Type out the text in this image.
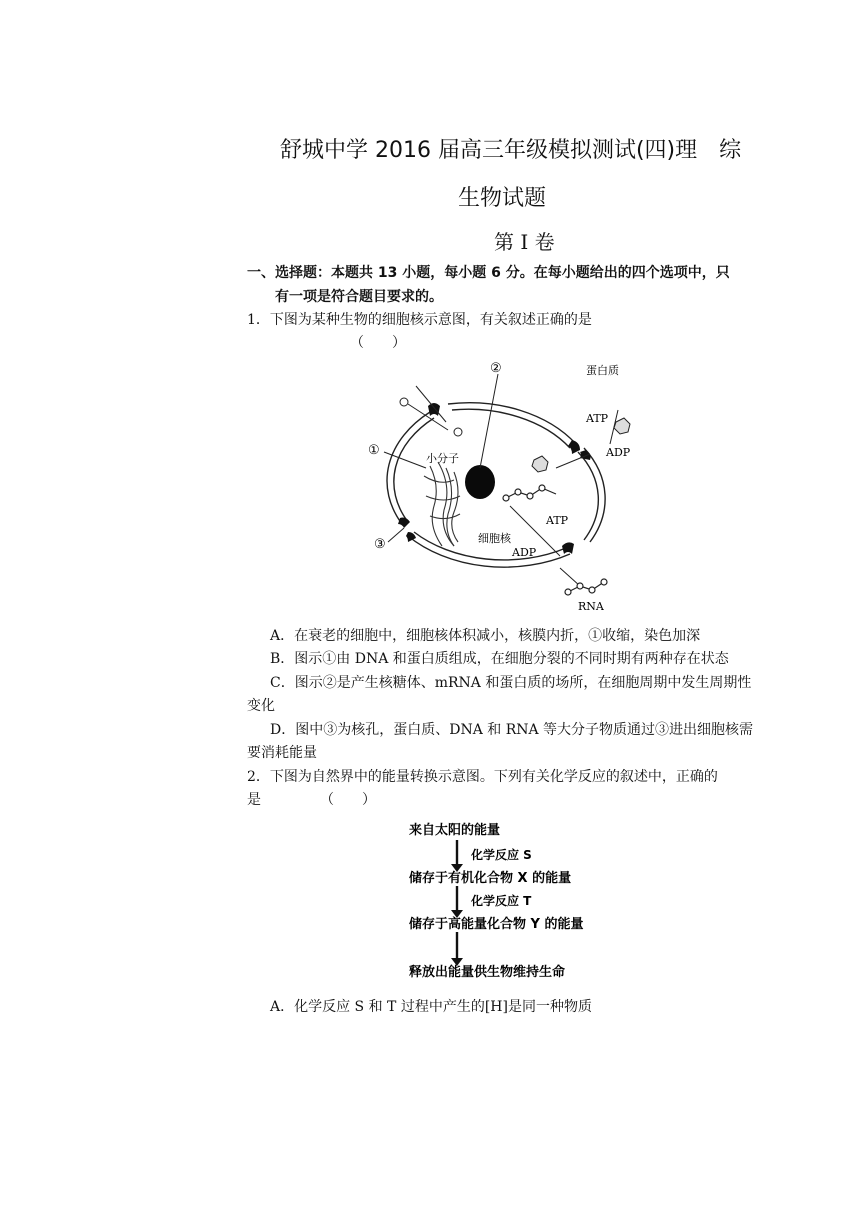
舒城中学 2016 届高三年级模拟测试(四)理　综
生物试题
第 I 卷
一、选择题：本题共 13 小题，每小题 6 分。在每小题给出的四个选项中，只
有一项是符合题目要求的。
1．下图为某种生物的细胞核示意图，有关叙述正确的是
（　　）
②
①
③
蛋白质
ATP
ADP
小分子
细胞核
ATP
ADP
RNA
A．在衰老的细胞中，细胞核体积减小，核膜内折，①收缩，染色加深
B．图示①由 DNA 和蛋白质组成，在细胞分裂的不同时期有两种存在状态
C．图示②是产生核糖体、mRNA 和蛋白质的场所，在细胞周期中发生周期性
变化
D．图中③为核孔，蛋白质、DNA 和 RNA 等大分子物质通过③进出细胞核需
要消耗能量
2．下图为自然界中的能量转换示意图。下列有关化学反应的叙述中，正确的
是	（　　）
来自太阳的能量
化学反应 S
储存于有机化合物 X 的能量
化学反应 T
储存于高能量化合物 Y 的能量
释放出能量供生物维持生命
A．化学反应 S 和 T 过程中产生的[H]是同一种物质
